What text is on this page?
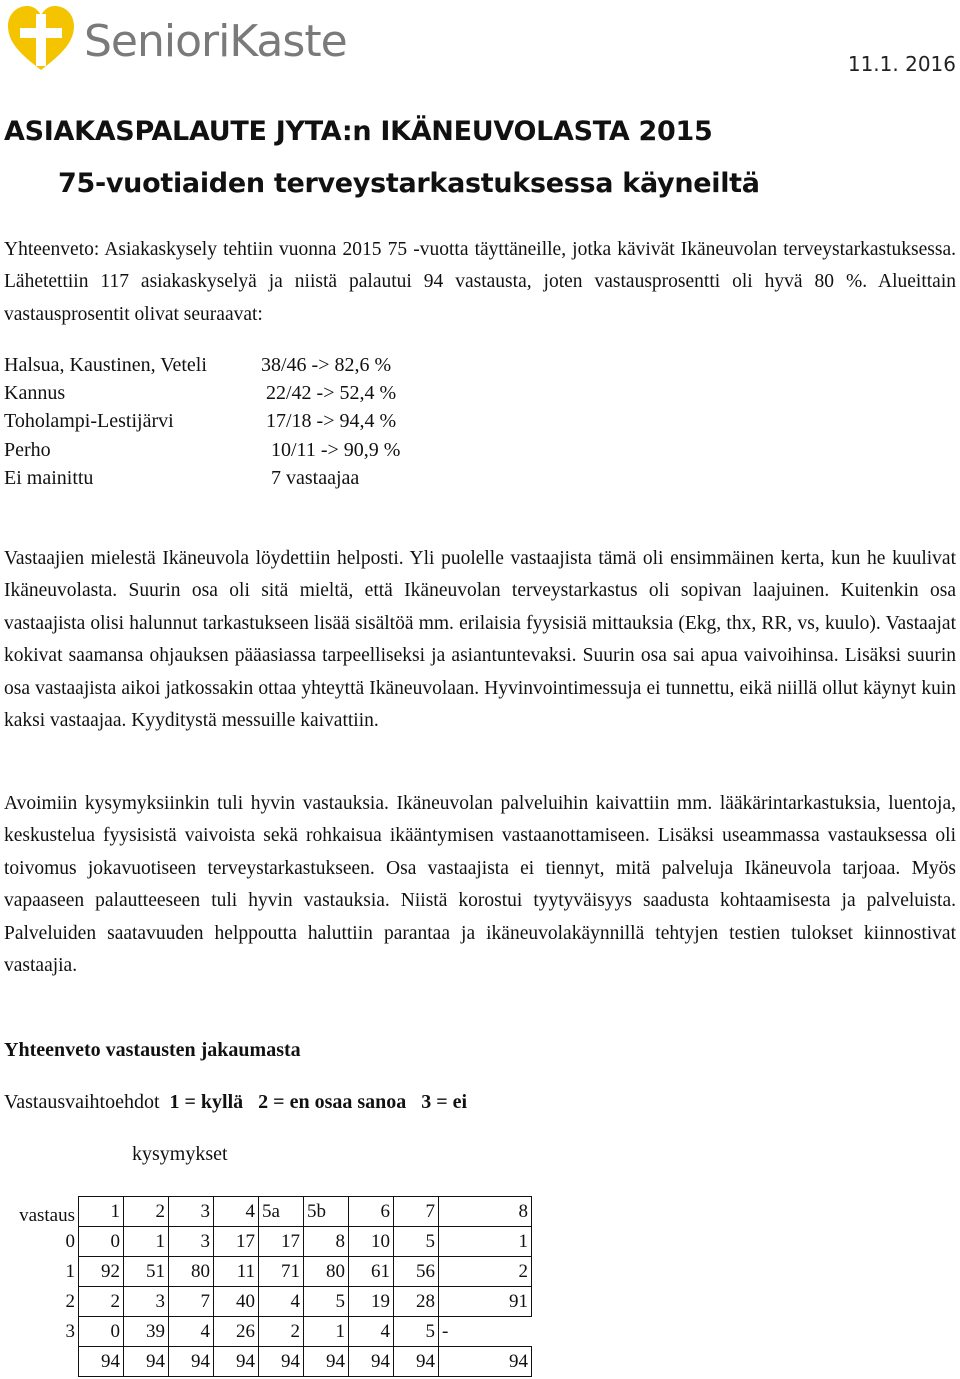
SenioriKaste	11.1. 2016
ASIAKASPALAUTE JYTA:n IKÄNEUVOLASTA 2015
75-vuotiaiden terveystarkastuksessa käyneiltä

Yhteenveto: Asiakaskysely tehtiin vuonna 2015 75 -vuotta täyttäneille, jotka kävivät Ikäneuvolan terveystarkastuksessa. Lähetettiin 117 asiakaskyselyä ja niistä palautui 94 vastausta, joten vastausprosentti oli hyvä 80 %. Alueittain vastausprosentit olivat seuraavat:

Halsua, Kaustinen, Veteli	38/46 -> 82,6 %
Kannus	22/42 -> 52,4 %
Toholampi-Lestijärvi	17/18 -> 94,4 %
Perho	10/11 -> 90,9 %
Ei mainittu	7 vastaajaa

Vastaajien mielestä Ikäneuvola löydettiin helposti. Yli puolelle vastaajista tämä oli ensimmäinen kerta, kun he kuulivat Ikäneuvolasta. Suurin osa oli sitä mieltä, että Ikäneuvolan terveystarkastus oli sopivan laajuinen. Kuitenkin osa vastaajista olisi halunnut tarkastukseen lisää sisältöä mm. erilaisia fyysisiä mittauksia (Ekg, thx, RR, vs, kuulo). Vastaajat kokivat saamansa ohjauksen pääasiassa tarpeelliseksi ja asiantuntevaksi. Suurin osa sai apua vaivoihinsa. Lisäksi suurin osa vastaajista aikoi jatkossakin ottaa yhteyttä Ikäneuvolaan. Hyvinvointimessuja ei tunnettu, eikä niillä ollut käynyt kuin kaksi vastaajaa. Kyyditystä messuille kaivattiin.

Avoimiin kysymyksiinkin tuli hyvin vastauksia. Ikäneuvolan palveluihin kaivattiin mm. lääkärintarkastuksia, luentoja, keskustelua fyysisistä vaivoista sekä rohkaisua ikääntymisen vastaanottamiseen. Lisäksi useammassa vastauksessa oli toivomus jokavuotiseen terveystarkastukseen. Osa vastaajista ei tiennyt, mitä palveluja Ikäneuvola tarjoaa. Myös vapaaseen palautteeseen tuli hyvin vastauksia. Niistä korostui tyytyväisyys saadusta kohtaamisesta ja palveluista. Palveluiden saatavuuden helppoutta haluttiin parantaa ja ikäneuvolakäynnillä tehtyjen testien tulokset kiinnostivat vastaajia.

Yhteenveto vastausten jakaumasta
Vastausvaihtoehdot 1 = kyllä 2 = en osaa sanoa 3 = ei
kysymykset
vastaus	1	2	3	4	5a	5b	6	7	8
0	0	1	3	17	17	8	10	5	1
1	92	51	80	11	71	80	61	56	2
2	2	3	7	40	4	5	19	28	91
3	0	39	4	26	2	1	4	5	-
	94	94	94	94	94	94	94	94	94
